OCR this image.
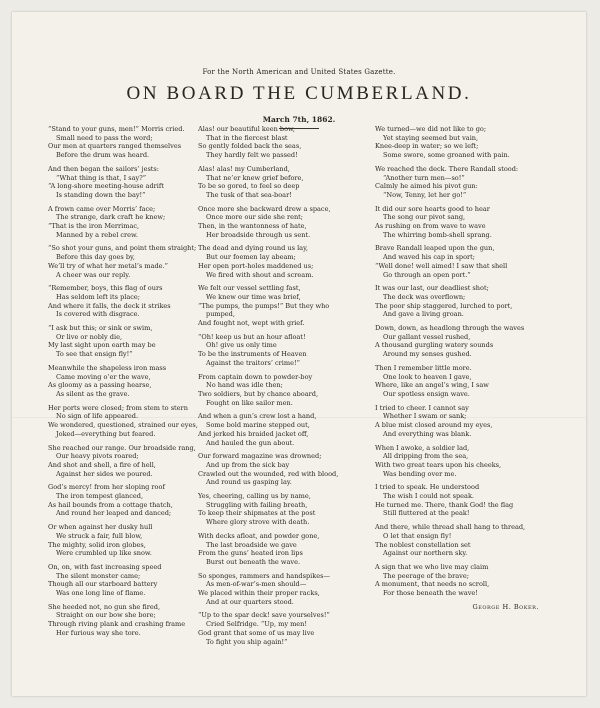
For the North American and United States Gazette.
ON BOARD THE CUMBERLAND.
March 7th, 1862.
“Stand to your guns, men!” Morris cried.
Small need to pass the word;
Our men at quarters ranged themselves
Before the drum was heard.
And then began the sailors’ jests:
“What thing is that, I say?”
“A long-shore meeting-house adrift
Is standing down the bay!”
A frown came over Morris’ face;
The strange, dark craft he knew;
“That is the iron Merrimac,
Manned by a rebel crew.
“So shot your guns, and point them straight;
Before this day goes by,
We’ll try of what her metal’s made.”
A cheer was our reply.
“Remember, boys, this flag of ours
Has seldom left its place;
And where it falls, the deck it strikes
Is covered with disgrace.
“I ask but this; or sink or swim,
Or live or nobly die,
My last sight upon earth may be
To see that ensign fly!”
Meanwhile the shapeless iron mass
Came moving o’er the wave,
As gloomy as a passing hearse,
As silent as the grave.
Her ports were closed; from stem to stern
No sign of life appeared.
We wondered, questioned, strained our eyes,
Joked—everything but feared.
She reached our range. Our broadside rang,
Our heavy pivots roared;
And shot and shell, a fire of hell,
Against her sides we poured.
God’s mercy! from her sloping roof
The iron tempest glanced,
As hail bounds from a cottage thatch,
And round her leaped and danced;
Or when against her dusky hull
We struck a fair, full blow,
The mighty, solid iron globes,
Were crumbled up like snow.
On, on, with fast increasing speed
The silent monster came;
Though all our starboard battery
Was one long line of flame.
She heeded not, no gun she fired,
Straight on our bow she bore;
Through riving plank and crashing frame
Her furious way she tore.
Alas! our beautiful keen bow,
That in the fiercest blast
So gently folded back the seas,
They hardly felt we passed!
Alas! alas! my Cumberland,
That ne’er knew grief before,
To be so gored, to feel so deep
The tusk of that sea-boar!
Once more she backward drew a space,
Once more our side she rent;
Then, in the wantonness of hate,
Her broadside through us sent.
The dead and dying round us lay,
But our foemen lay abeam;
Her open port-holes maddened us;
We fired with shout and scream.
We felt our vessel settling fast,
We knew our time was brief,
“The pumps, the pumps!” But they who
pumped,
And fought not, wept with grief.
“Oh! keep us but an hour afloat!
Oh! give us only time
To be the instruments of Heaven
Against the traitors’ crime!”
From captain down to powder-boy
No hand was idle then;
Two soldiers, but by chance aboard,
Fought on like sailor men.
And when a gun’s crew lost a hand,
Some bold marine stepped out,
And jerked his braided jacket off,
And hauled the gun about.
Our forward magazine was drowned;
And up from the sick bay
Crawled out the wounded, red with blood,
And round us gasping lay.
Yes, cheering, calling us by name,
Struggling with failing breath,
To keep their shipmates at the post
Where glory strove with death.
With decks afloat, and powder gone,
The last broadside we gave
From the guns’ heated iron lips
Burst out beneath the wave.
So sponges, rammers and handspikes—
As men-of-war’s-men should—
We placed within their proper racks,
And at our quarters stood.
“Up to the spar deck! save yourselves!”
Cried Selfridge. “Up, my men!
God grant that some of us may live
To fight you ship again!”
We turned—we did not like to go;
Yet staying seemed but vain,
Knee-deep in water; so we left;
Some swore, some groaned with pain.
We reached the deck. There Randall stood:
“Another turn men—so!”
Calmly he aimed his pivot gun:
“Now, Tenny, let her go!”
It did our sore hearts good to hear
The song our pivot sang,
As rushing on from wave to wave
The whirring bomb-shell sprang.
Brave Randall leaped upon the gun,
And waved his cap in sport;
“Well done! well aimed! I saw that shell
Go through an open port.”
It was our last, our deadliest shot;
The deck was overflown;
The poor ship staggered, lurched to port,
And gave a living groan.
Down, down, as headlong through the waves
Our gallant vessel rushed,
A thousand gurgling watery sounds
Around my senses gushed.
Then I remember little more.
One look to heaven I gave,
Where, like an angel’s wing, I saw
Our spotless ensign wave.
I tried to cheer. I cannot say
Whether I swam or sank;
A blue mist closed around my eyes,
And everything was blank.
When I awoke, a soldier lad,
All dripping from the sea,
With two great tears upon his cheeks,
Was bending over me.
I tried to speak. He understood
The wish I could not speak.
He turned me. There, thank God! the flag
Still fluttered at the peak!
And there, while thread shall hang to thread,
O let that ensign fly!
The noblest constellation set
Against our northern sky.
A sign that we who live may claim
The peerage of the brave;
A monument, that needs no scroll,
For those beneath the wave!
George H. Boker.
